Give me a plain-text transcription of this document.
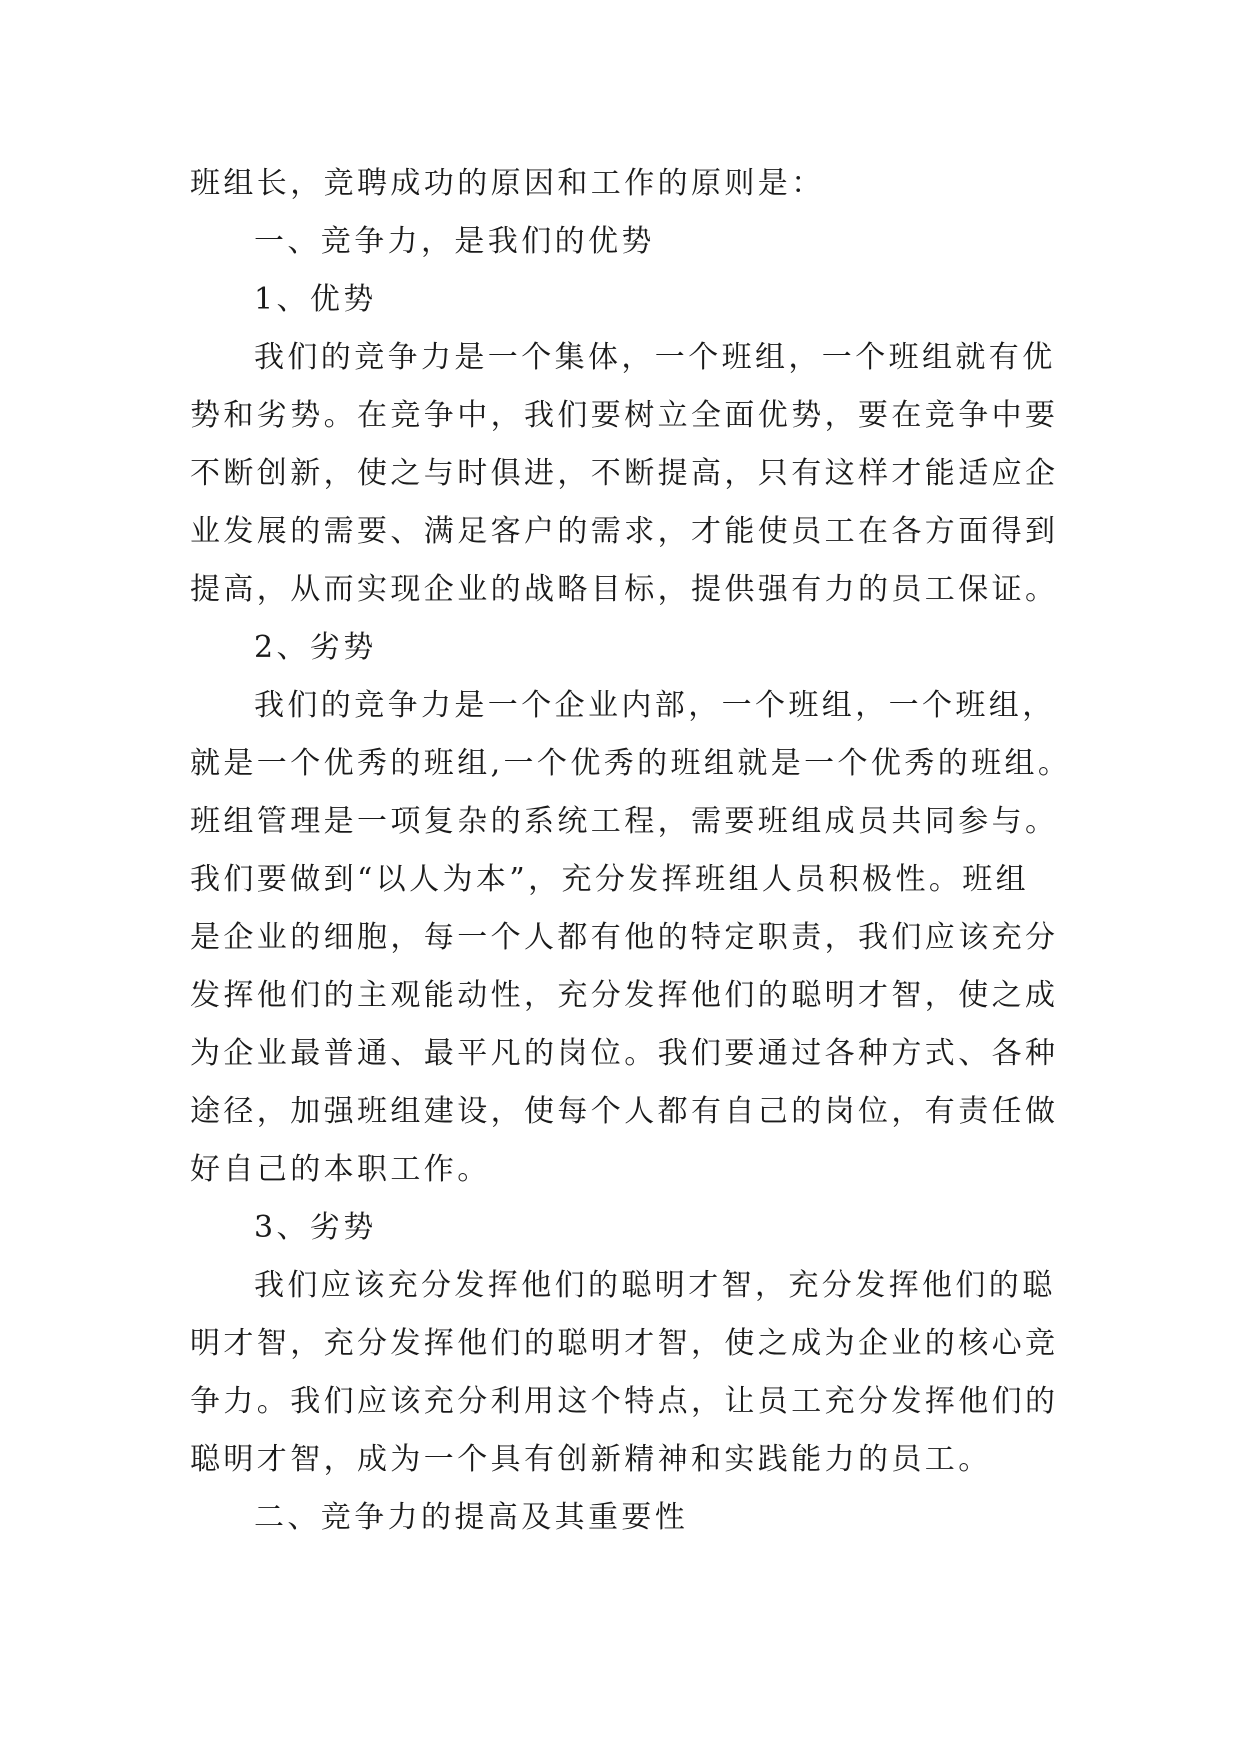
班组长，竞聘成功的原因和工作的原则是：
一、竞争力，是我们的优势
1、优势
我们的竞争力是一个集体，一个班组，一个班组就有优
势和劣势。在竞争中，我们要树立全面优势，要在竞争中要
不断创新，使之与时俱进，不断提高，只有这样才能适应企
业发展的需要、满足客户的需求，才能使员工在各方面得到
提高，从而实现企业的战略目标，提供强有力的员工保证。
2、劣势
我们的竞争力是一个企业内部，一个班组，一个班组，
就是一个优秀的班组,一个优秀的班组就是一个优秀的班组。
班组管理是一项复杂的系统工程，需要班组成员共同参与。
我们要做到“以人为本”，充分发挥班组人员积极性。班组
是企业的细胞，每一个人都有他的特定职责，我们应该充分
发挥他们的主观能动性，充分发挥他们的聪明才智，使之成
为企业最普通、最平凡的岗位。我们要通过各种方式、各种
途径，加强班组建设，使每个人都有自己的岗位，有责任做
好自己的本职工作。
3、劣势
我们应该充分发挥他们的聪明才智，充分发挥他们的聪
明才智，充分发挥他们的聪明才智，使之成为企业的核心竞
争力。我们应该充分利用这个特点，让员工充分发挥他们的
聪明才智，成为一个具有创新精神和实践能力的员工。
二、竞争力的提高及其重要性
